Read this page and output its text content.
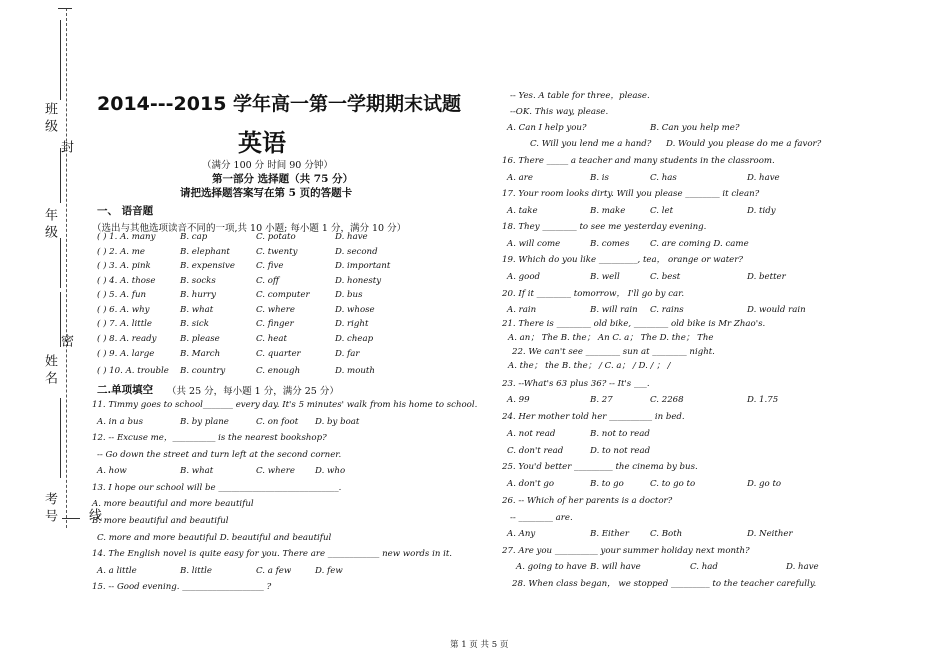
班 级
封
年 级
密
姓 名
考 号 线
2014---2015 学年高一第一学期期末试题
英语
（满分 100 分 时间 90 分钟）
第一部分 选择题（共 75 分）
请把选择题答案写在第 5 页的答题卡
一、 语音题
（选出与其他选项读音不同的一项,共 10 小题; 每小题 1 分，满分 10 分）
( ) 1. A. many	B. cap	C. potato	D. have
( ) 2. A. me	B. elephant	C. twenty	D. second
( ) 3. A. pink	B. expensive C. five	D. important
( ) 4. A. those	B. socks	C. off	D. honesty
( ) 5. A. fun	B. hurry	C. computer	D. bus
( ) 6. A. why	B. what	C. where	D. whose
( ) 7. A. little	B. sick	C. finger	D. right
( ) 8. A. ready	B. please	C. heat	D. cheap
( ) 9. A. large	B. March	C. quarter	D. far
( ) 10. A. trouble B. country	C. enough	D. mouth
二.单项填空 （共 25 分，每小题 1 分，满分 25 分）
11. Timmy goes to school_______ every day. It's 5 minutes' walk from his home to school.
A. in a bus	B. by plane	C. on foot D. by boat
12. -- Excuse me，__________ is the nearest bookshop?
-- Go down the street and turn left at the second corner.
A. how	B. what	C. where D. who
13. I hope our school will be ____________________________.
A. more beautiful and more beautiful
B. more beautiful and beautiful
C. more and more beautiful D. beautiful and beautiful
14. The English novel is quite easy for you. There are ____________ new words in it.
A. a little	B. little	C. a few	D. few
15. -- Good evening. ___________________ ?
-- Yes. A table for three，please.
--OK. This way, please.
A. Can I help you?	B. Can you help me?
C. Will you lend me a hand? D. Would you please do me a favor?
16. There _____ a teacher and many students in the classroom.
A. are	B. is	C. has	D. have
17. Your room looks dirty. Will you please ________ it clean?
A. take	B. make	C. let	D. tidy
18. They ________ to see me yesterday evening.
A. will come	B. comes C. are coming D. came
19. Which do you like _________, tea， orange or water?
A. good	B. well	C. best	D. better
20. If it ________ tomorrow， I'll go by car.
A. rain	B. will rain C. rains	D. would rain
21. There is ________ old bike, ________ old bike is Mr Zhao's.
A. an； The B. the； An C. a； The D. the； The
22. We can't see ________ sun at ________ night.
A. the； the B. the； / C. a； / D. / ； /
23. --What's 63 plus 36? -- It's ___.
A. 99	B. 27	C. 2268	D. 1.75
24. Her mother told her __________ in bed.
A. not read	B. not to read
C. don't read	D. to not read
25. You'd better _________ the cinema by bus.
A. don't go	B. to go	C. to go to	D. go to
26. -- Which of her parents is a doctor?
-- ________ are.
A. Any	B. Either C. Both	D. Neither
27. Are you __________ your summer holiday next month?
A. going to have B. will have	C. had	D. have
28. When class began， we stopped _________ to the teacher carefully.
第 1 页 共 5 页
